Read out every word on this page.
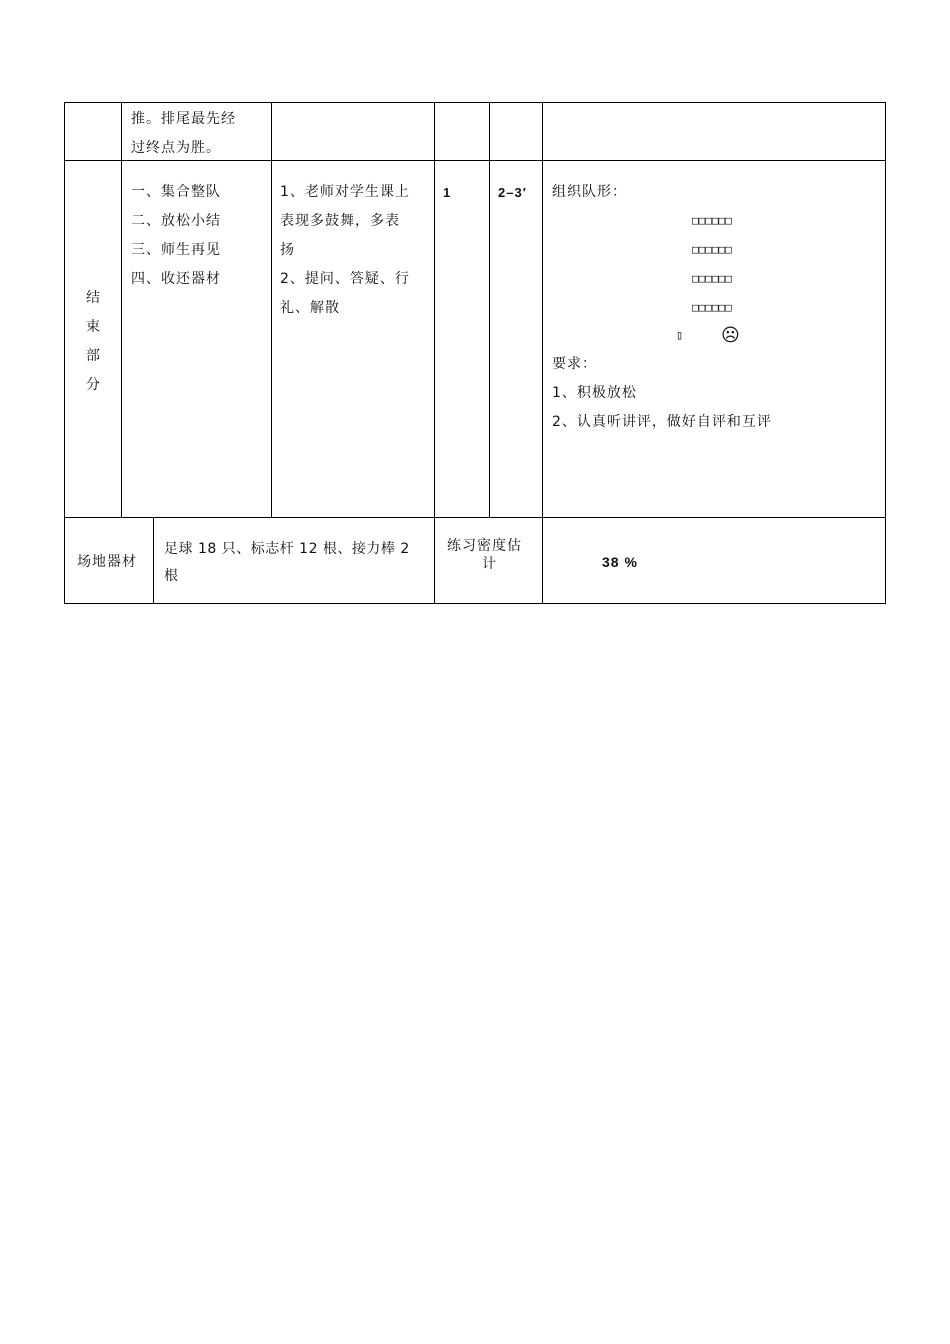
推。排尾最先经
过终点为胜。
结
束
部
分
一、集合整队
二、放松小结
三、师生再见
四、收还器材
1、老师对学生课上
表现多鼓舞，多表
扬
2、提问、答疑、行
礼、解散
1	2–3′ 组织队形：
□□□□□□
□□□□□□
□□□□□□
□□□□□□
▯ ☹
要求：
1、积极放松
2、认真听讲评，做好自评和互评
场地器材
足球 18 只、标志杆 12 根、接力棒 2
根
练习密度估
计	38 %
